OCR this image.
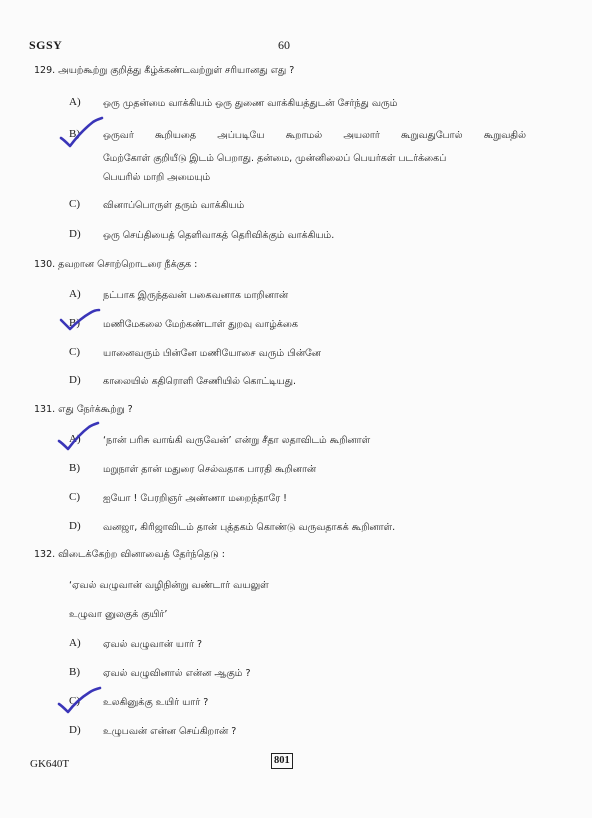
SGSY	60
129. அயற்கூற்று குறித்து கீழ்க்கண்டவற்றுள் சரியானது எது ?
A) ஒரு முதன்மை வாக்கியம் ஒரு துணை வாக்கியத்துடன் சேர்ந்து வரும்
B) ஒருவர் கூறியதை அப்படியே கூறாமல் அயலார் கூறுவதுபோல் கூறுவதில்
மேற்கோள் குறியீடு இடம் பெறாது. தன்மை, முன்னிலைப் பெயர்கள் படர்க்கைப்
பெயரில் மாறி அமையும்
C) வினாப்பொருள் தரும் வாக்கியம்
D) ஒரு செய்தியைத் தெளிவாகத் தெரிவிக்கும் வாக்கியம்.
130. தவறான சொற்றொடரை நீக்குக :
A) நட்பாக இருந்தவன் பகைவனாக மாறினான்
B) மணிமேகலை மேற்கண்டாள் துறவு வாழ்க்கை
C) யானைவரும் பின்னே மணியோசை வரும் பின்னே
D) காலையில் கதிரொளி சேணியில் கொட்டியது.
131. எது நேர்க்கூற்று ?
A) ‘நான் பரிசு வாங்கி வருவேன்’ என்று சீதா லதாவிடம் கூறினாள்
B) மறுநாள் தான் மதுரை செல்வதாக பாரதி கூறினான்
C) ஐயோ ! பேரறிஞர் அண்ணா மறைந்தாரே !
D) வனஜா, கிரிஜாவிடம் தான் புத்தகம் கொண்டு வருவதாகக் கூறினாள்.
132. விடைக்கேற்ற வினாவைத் தேர்ந்தெடு :
‘ஏவல் வழுவான் வழிநின்று வண்டார் வயலுள்
உழுவா னுலகுக் குயிர்’
A) ஏவல் வழுவான் யார் ?
B) ஏவல் வழுவினால் என்ன ஆகும் ?
C) உலகினுக்கு உயிர் யார் ?
D) உழுபவன் என்ன செய்கிறான் ?
GK640T	801
